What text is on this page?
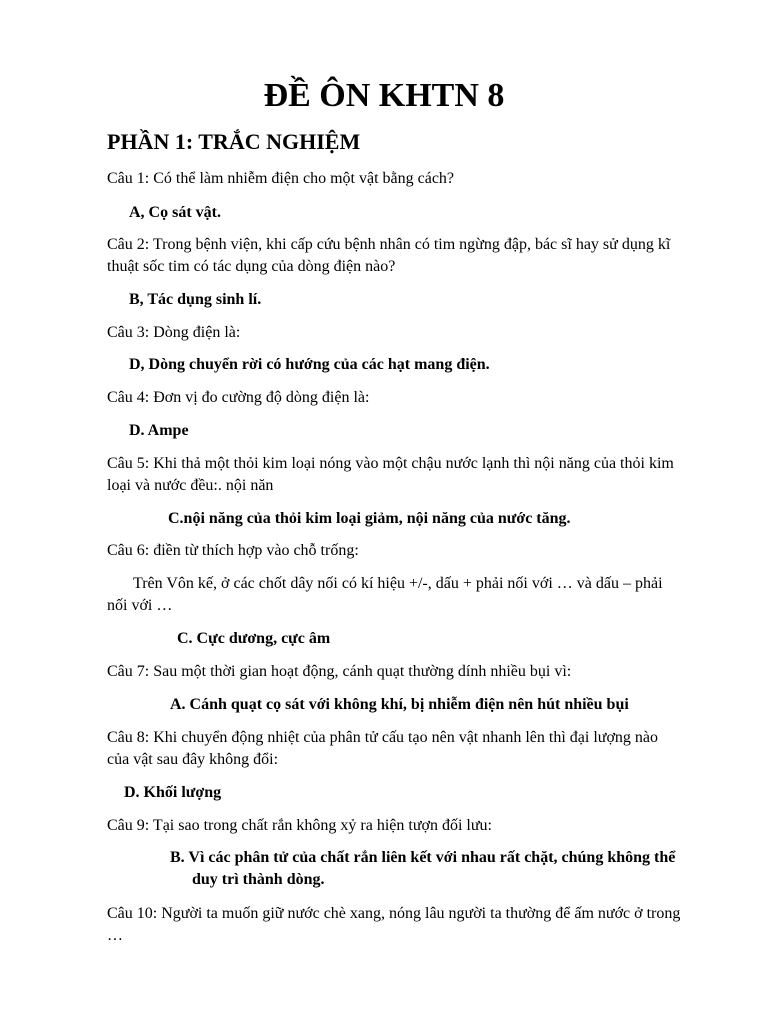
ĐỀ ÔN KHTN 8
PHẦN 1: TRẮC NGHIỆM
Câu 1: Có thể làm nhiễm điện cho một vật bằng cách?
A, Cọ sát vật.
Câu 2: Trong bệnh viện, khi cấp cứu bệnh nhân có tim ngừng đập, bác sĩ hay sử dụng kĩ thuật sốc tim có tác dụng của dòng điện nào?
B, Tác dụng sinh lí.
Câu 3: Dòng điện là:
D, Dòng chuyển rời có hướng của các hạt mang điện.
Câu 4: Đơn vị đo cường độ dòng điện là:
D. Ampe
Câu 5: Khi thả một thỏi kim loại nóng vào một chậu nước lạnh thì nội năng của thỏi kim loại và nước đều:. nội năn
C.nội năng của thỏi kim loại giảm, nội năng của nước tăng.
Câu 6: điền từ thích hợp vào chỗ trống:
Trên Vôn kế, ở các chốt dây nối có kí hiệu +/-, dấu + phải nối với … và dấu – phải nối với …
C. Cực dương, cực âm
Câu 7: Sau một thời gian hoạt động, cánh quạt thường dính nhiều bụi vì:
A. Cánh quạt cọ sát với không khí, bị nhiễm điện nên hút nhiều bụi
Câu 8: Khi chuyển động nhiệt của phân tử cấu tạo nên vật nhanh lên thì đại lượng nào của vật sau đây không đổi:
D. Khối lượng
Câu 9: Tại sao trong chất rắn không xỷ ra hiện tượn đối lưu:
B. Vì các phân tử của chất rắn liên kết với nhau rất chặt, chúng không thể duy trì thành dòng.
Câu 10: Người ta muốn giữ nước chè xang, nóng lâu người ta thường để ấm nước ở trong …
